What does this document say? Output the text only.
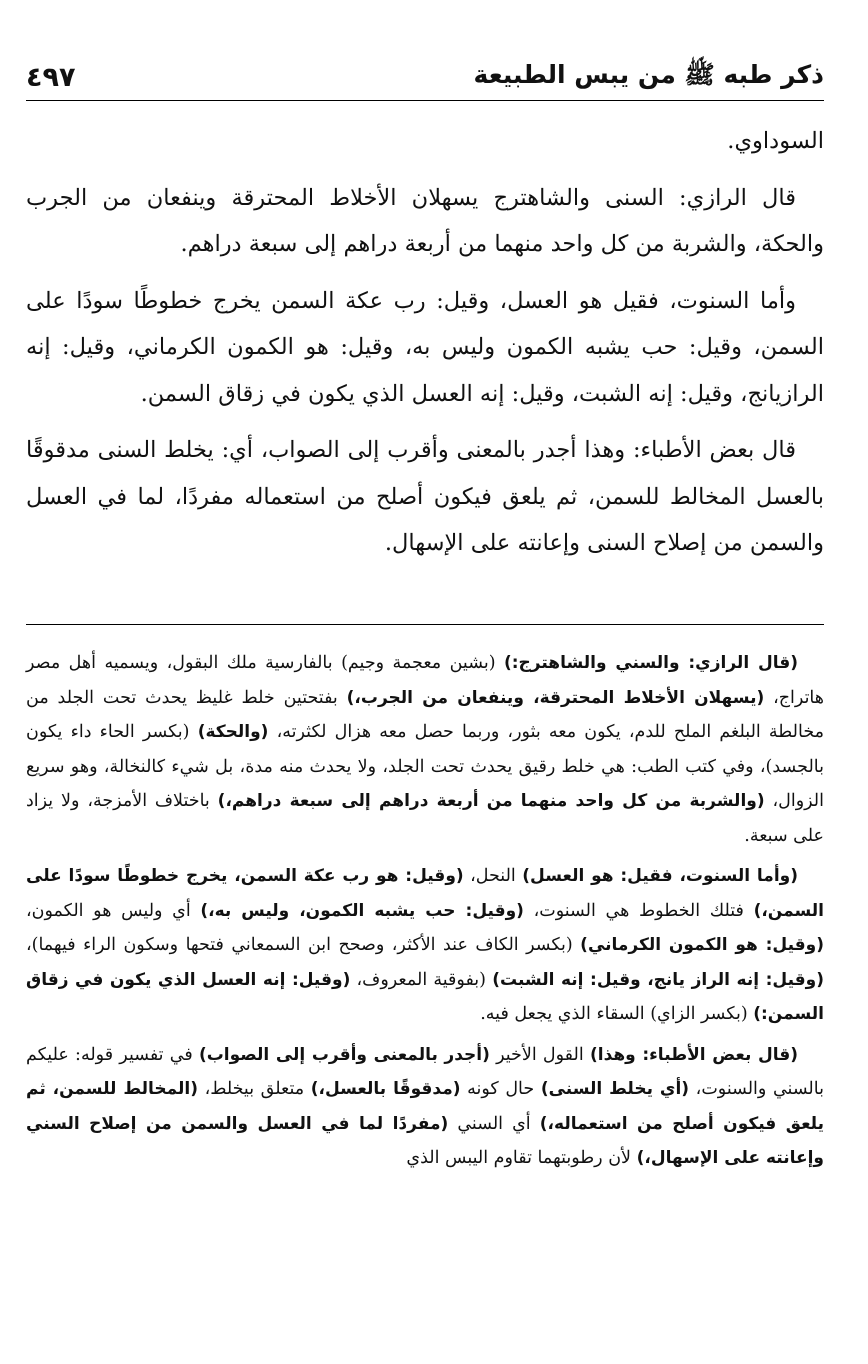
ذكر طبه ﷺ من يبس الطبيعة
٤٩٧

السوداوي.

قال الرازي: السنى والشاهترج يسهلان الأخلاط المحترقة وينفعان من الجرب والحكة، والشربة من كل واحد منهما من أربعة دراهم إلى سبعة دراهم.

وأما السنوت، فقيل هو العسل، وقيل: رب عكة السمن يخرج خطوطًا سودًا على السمن، وقيل: حب يشبه الكمون وليس به، وقيل: هو الكمون الكرماني، وقيل: إنه الرازيانج، وقيل: إنه الشبت، وقيل: إنه العسل الذي يكون في زقاق السمن.

قال بعض الأطباء: وهذا أجدر بالمعنى وأقرب إلى الصواب، أي: يخلط السنى مدقوقًا بالعسل المخالط للسمن، ثم يلعق فيكون أصلح من استعماله مفردًا، لما في العسل والسمن من إصلاح السنى وإعانته على الإسهال.

(قال الرازي: والسني والشاهترج:) (بشين معجمة وجيم) بالفارسية ملك البقول، ويسميه أهل مصر هاتراج، (يسهلان الأخلاط المحترقة، وينفعان من الجرب،) بفتحتين خلط غليظ يحدث تحت الجلد من مخالطة البلغم الملح للدم، يكون معه بثور، وربما حصل معه هزال لكثرته، (والحكة) (بكسر الحاء داء يكون بالجسد)، وفي كتب الطب: هي خلط رقيق يحدث تحت الجلد، ولا يحدث منه مدة، بل شيء كالنخالة، وهو سريع الزوال، (والشربة من كل واحد منهما من أربعة دراهم إلى سبعة دراهم،) باختلاف الأمزجة، ولا يزاد على سبعة.

(وأما السنوت، فقيل: هو العسل) النحل، (وقيل: هو رب عكة السمن، يخرج خطوطًا سودًا على السمن،) فتلك الخطوط هي السنوت، (وقيل: حب يشبه الكمون، وليس به،) أي وليس هو الكمون، (وقيل: هو الكمون الكرماني) (بكسر الكاف عند الأكثر، وصحح ابن السمعاني فتحها وسكون الراء فيهما)، (وقيل: إنه الراز يانج، وقيل: إنه الشبت) (بفوقية المعروف، (وقيل: إنه العسل الذي يكون في زقاق السمن:) (بكسر الزاي) السقاء الذي يجعل فيه.

(قال بعض الأطباء: وهذا) القول الأخير (أجدر بالمعنى وأقرب إلى الصواب) في تفسير قوله: عليكم بالسني والسنوت، (أي يخلط السنى) حال كونه (مدقوقًا بالعسل،) متعلق بيخلط، (المخالط للسمن، ثم يلعق فيكون أصلح من استعماله،) أي السني (مفردًا لما في العسل والسمن من إصلاح السني وإعانته على الإسهال،) لأن رطوبتهما تقاوم اليبس الذي
